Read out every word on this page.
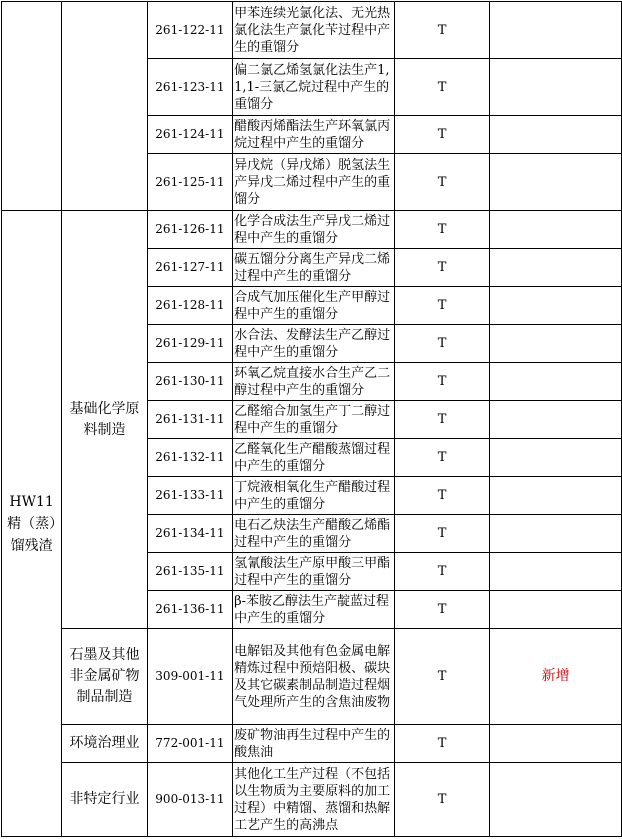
		261-122-11	甲苯连续光氯化法、无光热氯化法生产氯化苄过程中产生的重馏分	T	
		261-123-11	偏二氯乙烯氢氯化法生产1,1,1-三氯乙烷过程中产生的重馏分	T	
		261-124-11	醋酸丙烯酯法生产环氧氯丙烷过程中产生的重馏分	T	
		261-125-11	异戊烷（异戊烯）脱氢法生产异戊二烯过程中产生的重馏分	T	

HW11
精（蒸）馏残渣	基础化学原料制造	261-126-11	化学合成法生产异戊二烯过程中产生的重馏分	T	
		261-127-11	碳五馏分分离生产异戊二烯过程中产生的重馏分	T	
		261-128-11	合成气加压催化生产甲醇过程中产生的重馏分	T	
		261-129-11	水合法、发酵法生产乙醇过程中产生的重馏分	T	
		261-130-11	环氧乙烷直接水合生产乙二醇过程中产生的重馏分	T	
		261-131-11	乙醛缩合加氢生产丁二醇过程中产生的重馏分	T	
		261-132-11	乙醛氧化生产醋酸蒸馏过程中产生的重馏分	T	
		261-133-11	丁烷液相氧化生产醋酸过程中产生的重馏分	T	
		261-134-11	电石乙炔法生产醋酸乙烯酯过程中产生的重馏分	T	
		261-135-11	氢氰酸法生产原甲酸三甲酯过程中产生的重馏分	T	
		261-136-11	β-苯胺乙醇法生产靛蓝过程中产生的重馏分	T	
	石墨及其他非金属矿物制品制造	309-001-11	电解铝及其他有色金属电解精炼过程中预焙阳极、碳块及其它碳素制品制造过程烟气处理所产生的含焦油废物	T	新增
	环境治理业	772-001-11	废矿物油再生过程中产生的酸焦油	T	
	非特定行业	900-013-11	其他化工生产过程（不包括以生物质为主要原料的加工过程）中精馏、蒸馏和热解工艺产生的高沸点	T	
